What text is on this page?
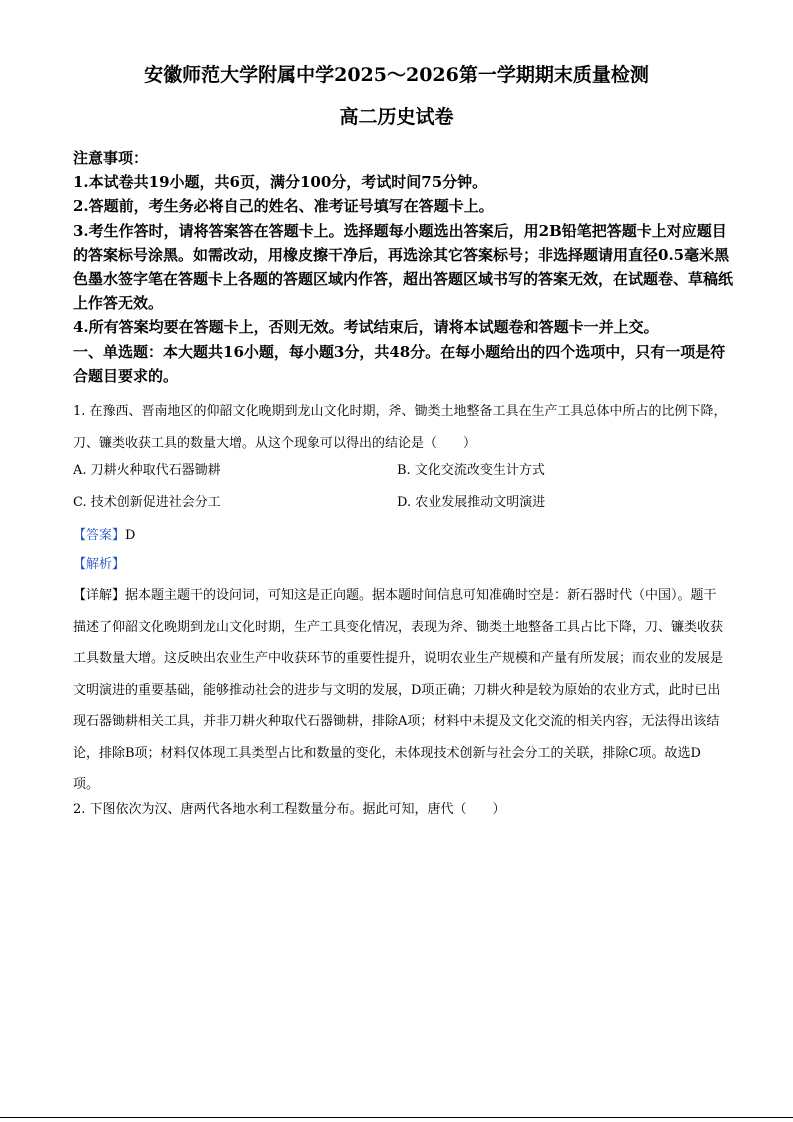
安徽师范大学附属中学2025～2026第一学期期末质量检测
高二历史试卷

注意事项：

1.本试卷共19小题，共6页，满分100分，考试时间75分钟。

2.答题前，考生务必将自己的姓名、准考证号填写在答题卡上。

3.考生作答时，请将答案答在答题卡上。选择题每小题选出答案后，用2B铅笔把答题卡上对应题目的答案标号涂黑。如需改动，用橡皮擦干净后，再选涂其它答案标号；非选择题请用直径0.5毫米黑色墨水签字笔在答题卡上各题的答题区域内作答，超出答题区域书写的答案无效，在试题卷、草稿纸上作答无效。

4.所有答案均要在答题卡上，否则无效。考试结束后，请将本试题卷和答题卡一并上交。

一、单选题：本大题共16小题，每小题3分，共48分。在每小题给出的四个选项中，只有一项是符合题目要求的。

1. 在豫西、晋南地区的仰韶文化晚期到龙山文化时期，斧、锄类土地整备工具在生产工具总体中所占的比例下降，刀、镰类收获工具的数量大增。从这个现象可以得出的结论是（　　）

A. 刀耕火种取代石器锄耕	B. 文化交流改变生计方式
C. 技术创新促进社会分工	D. 农业发展推动文明演进
【答案】D
【解析】

【详解】据本题主题干的设问词，可知这是正向题。据本题时间信息可知准确时空是：新石器时代（中国）。题干描述了仰韶文化晚期到龙山文化时期，生产工具变化情况，表现为斧、锄类土地整备工具占比下降，刀、镰类收获工具数量大增。这反映出农业生产中收获环节的重要性提升，说明农业生产规模和产量有所发展；而农业的发展是文明演进的重要基础，能够推动社会的进步与文明的发展，D项正确；刀耕火种是较为原始的农业方式，此时已出现石器锄耕相关工具，并非刀耕火种取代石器锄耕，排除A项；材料中未提及文化交流的相关内容，无法得出该结论，排除B项；材料仅体现工具类型占比和数量的变化，未体现技术创新与社会分工的关联，排除C项。故选D项。

2. 下图依次为汉、唐两代各地水利工程数量分布。据此可知，唐代（　　）
